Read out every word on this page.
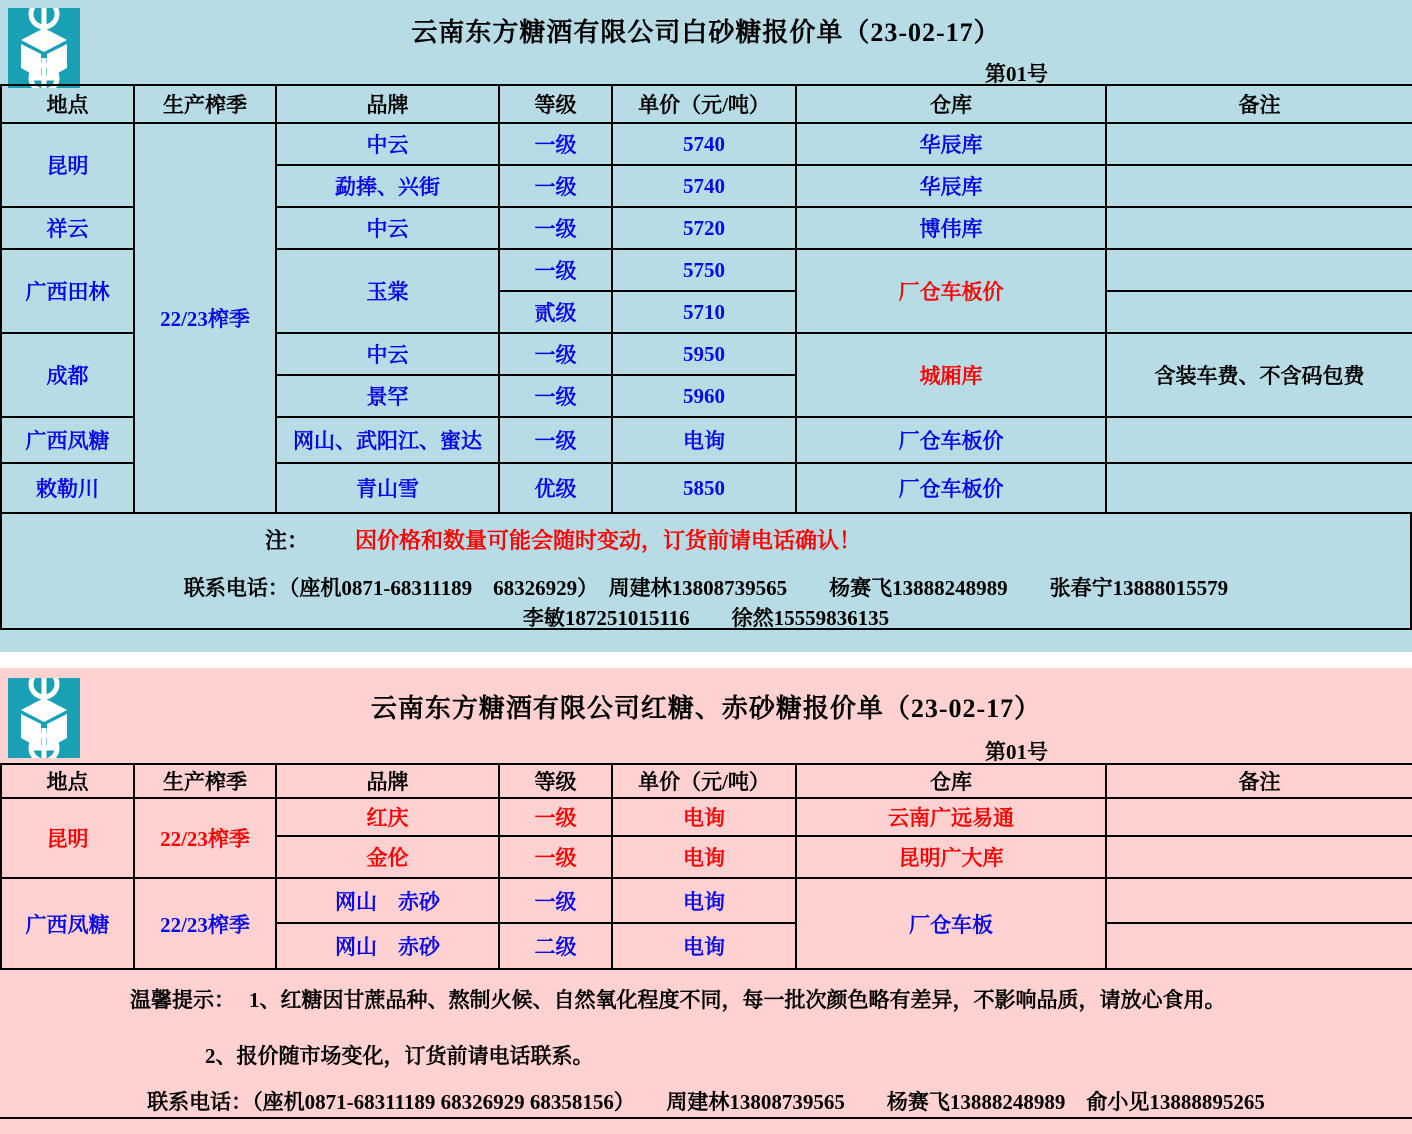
云南东方糖酒有限公司白砂糖报价单（23-02-17）
第01号
地点	生产榨季	品牌	等级	单价（元/吨）	仓库	备注
昆明	22/23榨季	中云	一级	5740	华辰库	
		勐捧、兴街	一级	5740	华辰库	
祥云		中云	一级	5720	博伟库	
广西田林		玉棠	一级	5750	厂仓车板价	
			贰级	5710		
成都		中云	一级	5950	城厢库	含装车费、不含码包费
		景罕	一级	5960		
广西凤糖		网山、武阳江、蜜达	一级	电询	厂仓车板价	
敕勒川		青山雪	优级	5850	厂仓车板价	
注： 因价格和数量可能会随时变动，订货前请电话确认！
联系电话：（座机0871-68311189　68326929）　周建林13808739565　　杨赛飞13888248989　　张春宁13888015579
李敏187251015116　　徐然15559836135
云南东方糖酒有限公司红糖、赤砂糖报价单（23-02-17）
第01号
地点	生产榨季	品牌	等级	单价（元/吨）	仓库	备注
昆明	22/23榨季	红庆	一级	电询	云南广远易通	
		金伦	一级	电询	昆明广大库	
广西凤糖	22/23榨季	网山　赤砂	一级	电询	厂仓车板	
		网山　赤砂	二级	电询		
温馨提示： 1、红糖因甘蔗品种、熬制火候、自然氧化程度不同，每一批次颜色略有差异，不影响品质，请放心食用。
2、报价随市场变化，订货前请电话联系。
联系电话：（座机0871-68311189 68326929 68358156）　　周建林13808739565　　杨赛飞13888248989　俞小见13888895265
